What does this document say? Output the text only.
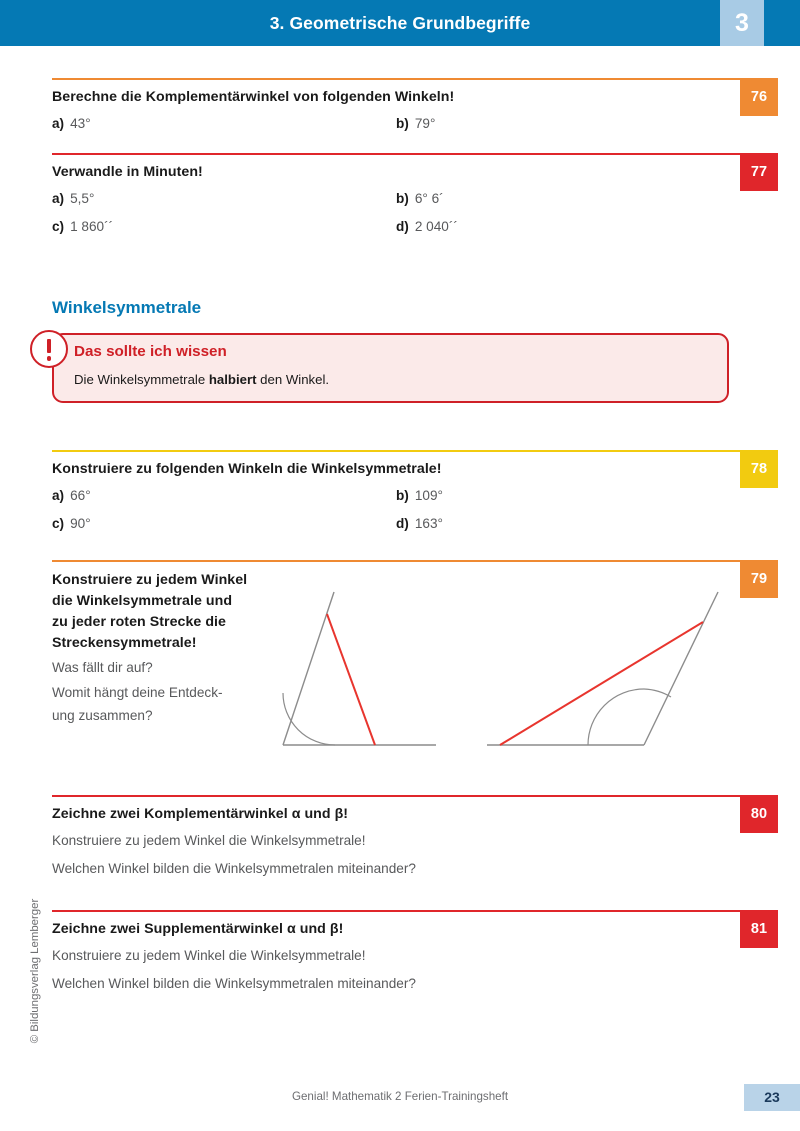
3. Geometrische Grundbegriffe	3
76
Berechne die Komplementärwinkel von folgenden Winkeln!
a) 43°	b) 79°
77
Verwandle in Minuten!
a) 5,5°	b) 6° 6´
c) 1 860´´	d) 2 040´´
Winkelsymmetrale
Das sollte ich wissen
Die Winkelsymmetrale halbiert den Winkel.
78
Konstruiere zu folgenden Winkeln die Winkelsymmetrale!
a) 66°	b) 109°
c) 90°	d) 163°
79
Konstruiere zu jedem Winkel
die Winkelsymmetrale und
zu jeder roten Strecke die
Streckensymmetrale!
Was fällt dir auf?
Womit hängt deine Entdeck-
ung zusammen?
80
Zeichne zwei Komplementärwinkel α und β!
Konstruiere zu jedem Winkel die Winkelsymmetrale!
Welchen Winkel bilden die Winkelsymmetralen miteinander?
81
Zeichne zwei Supplementärwinkel α und β!
Konstruiere zu jedem Winkel die Winkelsymmetrale!
Welchen Winkel bilden die Winkelsymmetralen miteinander?
© Bildungsverlag Lemberger
Genial! Mathematik 2 Ferien-Trainingsheft	23
